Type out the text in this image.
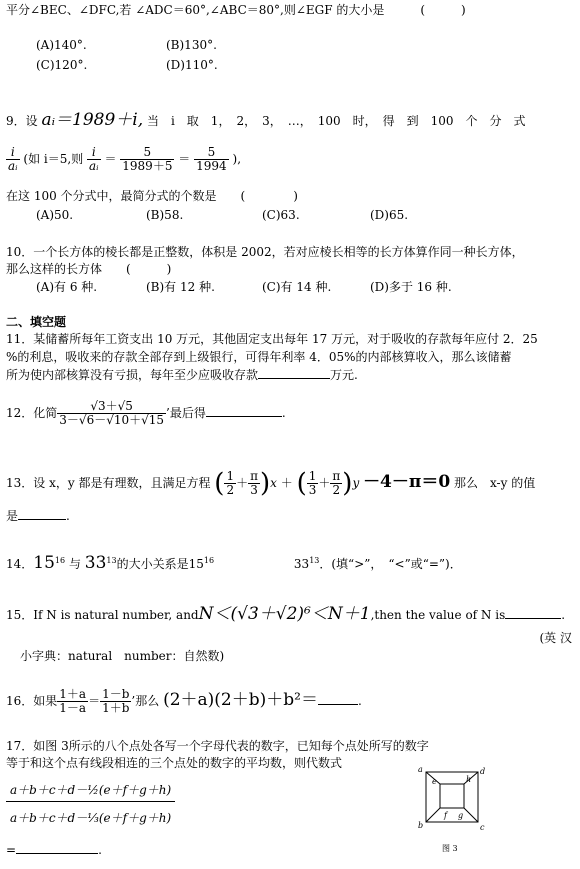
平分∠BEC、∠DFC,若 ∠ADC＝60°,∠ABC＝80°,则∠EGF 的大小是　　　(　　　)
(A)140°.	(B)130°.
(C)120°.	(D)110°.
9．设 aᵢ＝1989＋i, 当　i　取　1，　2，　3，　…，　100　时，　得　到　100　个　分　式
$\frac{i}{\text{aᵢ}}$ (如 i＝5,则 $\frac{i}{\text{aᵢ}} = \frac{5}{1989+5} = \frac{5}{1994}$ ),
在这 100 个分式中，最简分式的个数是　　(　　　　)
(A)50.	(B)58.	(C)63.	(D)65.
10．一个长方体的棱长都是正整数，体积是 2002，若对应棱长相等的长方体算作同一种长方体，
那么这样的长方体　　(　　　)
(A)有 6 种.	(B)有 12 种.	(C)有 14 种.	(D)多于 16 种.
二、填空题
11．某储蓄所每年工资支出 10 万元，其他固定支出每年 17 万元，对于吸收的存款每年应付 2．25
%的利息，吸收来的存款全部存到上级银行，可得年利率 4．05%的内部核算收入，那么该储蓄
所为使内部核算没有亏损，每年至少应吸收存款	万元.
12．化简 $\frac{√3+√5}{3-√6-√10+√15}$ ’最后得	.
13．设 x，y 都是有理数，且满足方程 ( $\frac{1}{2} + \frac{\pi}{3} )x$ ＋ ( $\frac{1}{3} + \frac{\pi}{2} )y -4-\pi=0$ 那么　x-y 的值
是	.
14．$15^{16}$ 与 $33^{13}$的大小关系是$15^{16}$	$33^{13}$．(填“>”，　“<”或“=”)．
15．If N is natural number, andN＜(√3＋√2)⁶＜N＋1,then the value of N is	.
(英 汉
小字典：natural　number：自然数)
16．如果 $\frac{1+a}{1-a} = \frac{1-b}{1+b}$ ’那么 (2＋a)(2＋b)＋b²＝	.
17．如图 3所示的八个点处各写一个字母代表的数字，已知每个点处所写的数字
等于和这个点有线段相连的三个点处的数字的平均数，则代数式
$\frac{\text{a＋b＋c＋d－½(e＋f＋g＋h)}}{\text{a＋b＋c＋d－⅓(e＋f＋g＋h)}}$
=	.
a
b	c
d
e
f g
h
图 3
